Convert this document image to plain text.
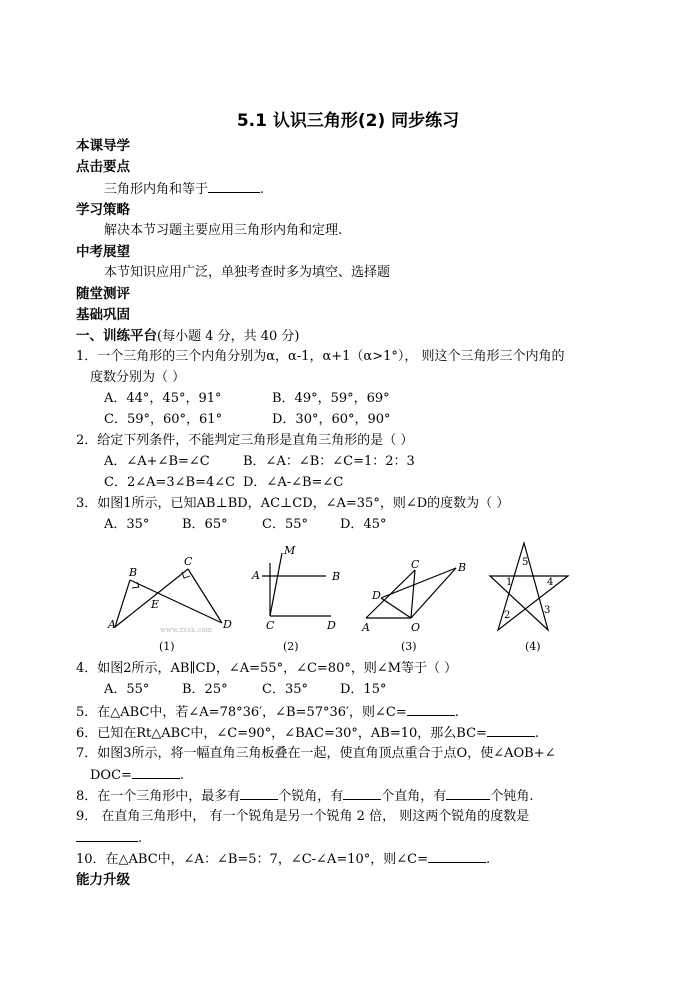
5.1 认识三角形(2) 同步练习
本课导学
点击要点
三角形内角和等于	.
学习策略
解决本节习题主要应用三角形内角和定理.
中考展望
本节知识应用广泛，单独考查时多为填空、选择题
随堂测评
基础巩固
一、训练平台(每小题 4 分，共 40 分)
1．一个三角形的三个内角分别为α，α-1，α+1（α>1°）， 则这个三角形三个内角的
度数分别为（ ）
A．44°，45°，91°	B．49°，59°，69°
C．59°，60°，61°	D．30°，60°，90°
2．给定下列条件，不能判定三角形是直角三角形的是（ ）
A．∠A+∠B=∠C	B．∠A：∠B：∠C=1：2：3
C．2∠A=3∠B=4∠C D．∠A-∠B=∠C
3．如图1所示，已知AB⊥BD，AC⊥CD，∠A=35°，则∠D的度数为（ ）
A．35°	B．65°	C．55° D．45°
B
C
E
A	D
M
A	B
C	D
C	B
D
A	O
1
2	3
4
5
www.zxxk.com
(1)	(2)	(3)	(4)
4．如图2所示，AB∥CD，∠A=55°，∠C=80°，则∠M等于（ ）
A．55°	B．25°	C．35° D．15°
5．在△ABC中，若∠A=78°36′，∠B=57°36′，则∠C=	.
6．已知在Rt△ABC中，∠C=90°，∠BAC=30°，AB=10，那么BC=	.
7．如图3所示，将一幅直角三角板叠在一起，使直角顶点重合于点O，使∠AOB+∠
DOC=	.
8．在一个三角形中，最多有	个锐角，有	个直角，有	个钝角.
9． 在直角三角形中， 有一个锐角是另一个锐角 2 倍， 则这两个锐角的度数是
.
10．在△ABC中，∠A：∠B=5：7，∠C-∠A=10°，则∠C=	.
能力升级
